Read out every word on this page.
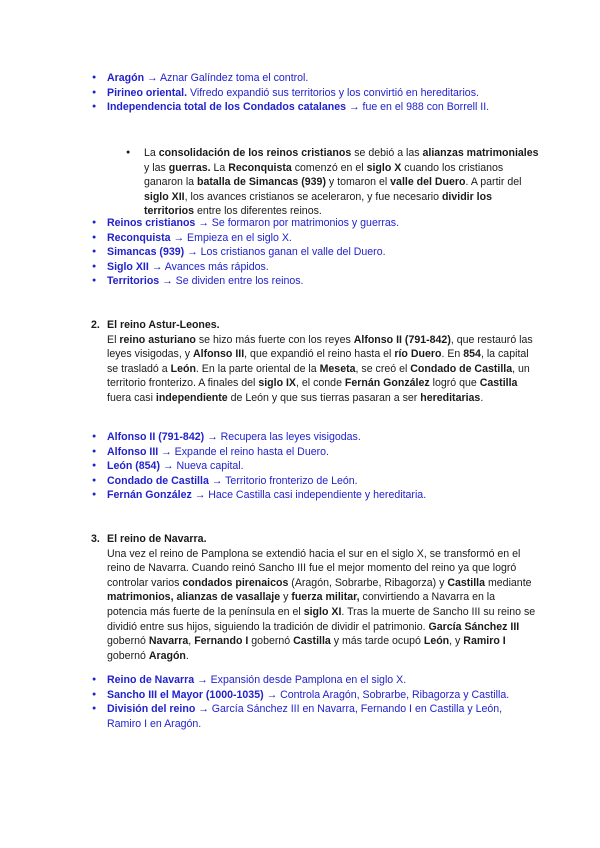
● Aragón → Aznar Galíndez toma el control.
● Pirineo oriental. Vifredo expandió sus territorios y los convirtió en hereditarios.
● Independencia total de los Condados catalanes → fue en el 988 con Borrell II.
●	La consolidación de los reinos cristianos se debió a las alianzas matrimoniales y las guerras. La Reconquista comenzó en el siglo X cuando los cristianos ganaron la batalla de Simancas (939) y tomaron el valle del Duero. A partir del siglo XII, los avances cristianos se aceleraron, y fue necesario dividir los territorios entre los diferentes reinos.
● Reinos cristianos → Se formaron por matrimonios y guerras.
● Reconquista → Empieza en el siglo X.
● Simancas (939) → Los cristianos ganan el valle del Duero.
● Siglo XII → Avances más rápidos.
● Territorios → Se dividen entre los reinos.
2. El reino Astur-Leones.
El reino asturiano se hizo más fuerte con los reyes Alfonso II (791-842), que restauró las leyes visigodas, y Alfonso III, que expandió el reino hasta el río Duero. En 854, la capital se trasladó a León. En la parte oriental de la Meseta, se creó el Condado de Castilla, un territorio fronterizo. A finales del siglo IX, el conde Fernán González logró que Castilla fuera casi independiente de León y que sus tierras pasaran a ser hereditarias.
● Alfonso II (791-842) → Recupera las leyes visigodas.
● Alfonso III → Expande el reino hasta el Duero.
● León (854) → Nueva capital.
● Condado de Castilla → Territorio fronterizo de León.
● Fernán González → Hace Castilla casi independiente y hereditaria.
3. El reino de Navarra.
Una vez el reino de Pamplona se extendió hacia el sur en el siglo X, se transformó en el reino de Navarra. Cuando reinó Sancho III fue el mejor momento del reino ya que logró controlar varios condados pirenaicos (Aragón, Sobrarbe, Ribagorza) y Castilla mediante matrimonios, alianzas de vasallaje y fuerza militar, convirtiendo a Navarra en la potencia más fuerte de la península en el siglo XI. Tras la muerte de Sancho III su reino se dividió entre sus hijos, siguiendo la tradición de dividir el patrimonio. García Sánchez III gobernó Navarra, Fernando I gobernó Castilla y más tarde ocupó León, y Ramiro I gobernó Aragón.
● Reino de Navarra → Expansión desde Pamplona en el siglo X.
● Sancho III el Mayor (1000-1035) → Controla Aragón, Sobrarbe, Ribagorza y Castilla.
● División del reino → García Sánchez III en Navarra, Fernando I en Castilla y León, Ramiro I en Aragón.
